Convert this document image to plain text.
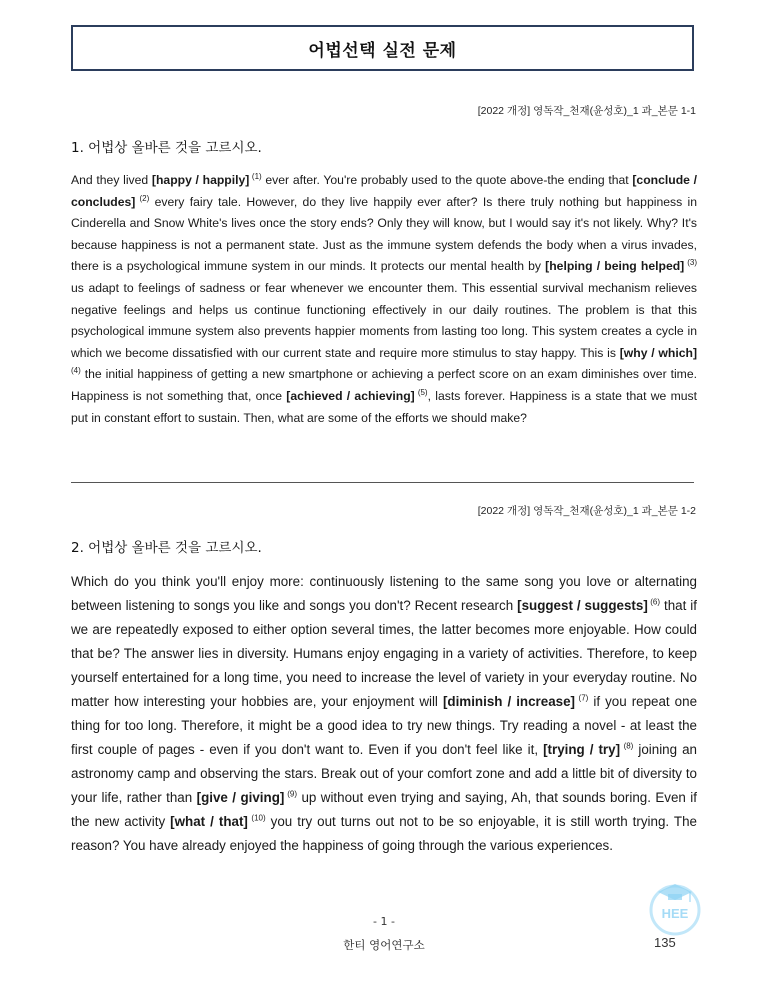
어법선택 실전 문제
[2022 개정] 영독작_천재(윤성호)_1 과_본문 1-1
1. 어법상 올바른 것을 고르시오.

And they lived [happy / happily] $^{(1)}$ ever after. You're probably used to the quote above-the ending that [conclude / concludes] $^{(2)}$ every fairy tale. However, do they live happily ever after? Is there truly nothing but happiness in Cinderella and Snow White's lives once the story ends? Only they will know, but I would say it's not likely. Why? It's because happiness is not a permanent state. Just as the immune system defends the body when a virus invades, there is a psychological immune system in our minds. It protects our mental health by [helping / being helped] $^{(3)}$ us adapt to feelings of sadness or fear whenever we encounter them. This essential survival mechanism relieves negative feelings and helps us continue functioning effectively in our daily routines. The problem is that this psychological immune system also prevents happier moments from lasting too long. This system creates a cycle in which we become dissatisfied with our current state and require more stimulus to stay happy. This is [why / which] $^{(4)}$ the initial happiness of getting a new smartphone or achieving a perfect score on an exam diminishes over time. Happiness is not something that, once [achieved / achieving] $^{(5)}$, lasts forever. Happiness is a state that we must put in constant effort to sustain. Then, what are some of the efforts we should make?

[2022 개정] 영독작_천재(윤성호)_1 과_본문 1-2
2. 어법상 올바른 것을 고르시오.

Which do you think you'll enjoy more: continuously listening to the same song you love or alternating between listening to songs you like and songs you don't? Recent research [suggest / suggests] $^{(6)}$ that if we are repeatedly exposed to either option several times, the latter becomes more enjoyable. How could that be? The answer lies in diversity. Humans enjoy engaging in a variety of activities. Therefore, to keep yourself entertained for a long time, you need to increase the level of variety in your everyday routine. No matter how interesting your hobbies are, your enjoyment will [diminish / increase] $^{(7)}$ if you repeat one thing for too long. Therefore, it might be a good idea to try new things. Try reading a novel - at least the first couple of pages - even if you don't want to. Even if you don't feel like it, [trying / try] $^{(8)}$ joining an astronomy camp and observing the stars. Break out of your comfort zone and add a little bit of diversity to your life, rather than [give / giving] $^{(9)}$ up without even trying and saying, Ah, that sounds boring. Even if the new activity [what / that] $^{(10)}$ you try out turns out not to be so enjoyable, it is still worth trying. The reason? You have already enjoyed the happiness of going through the various experiences.

- 1 -
한티 영어연구소	135
HEE
